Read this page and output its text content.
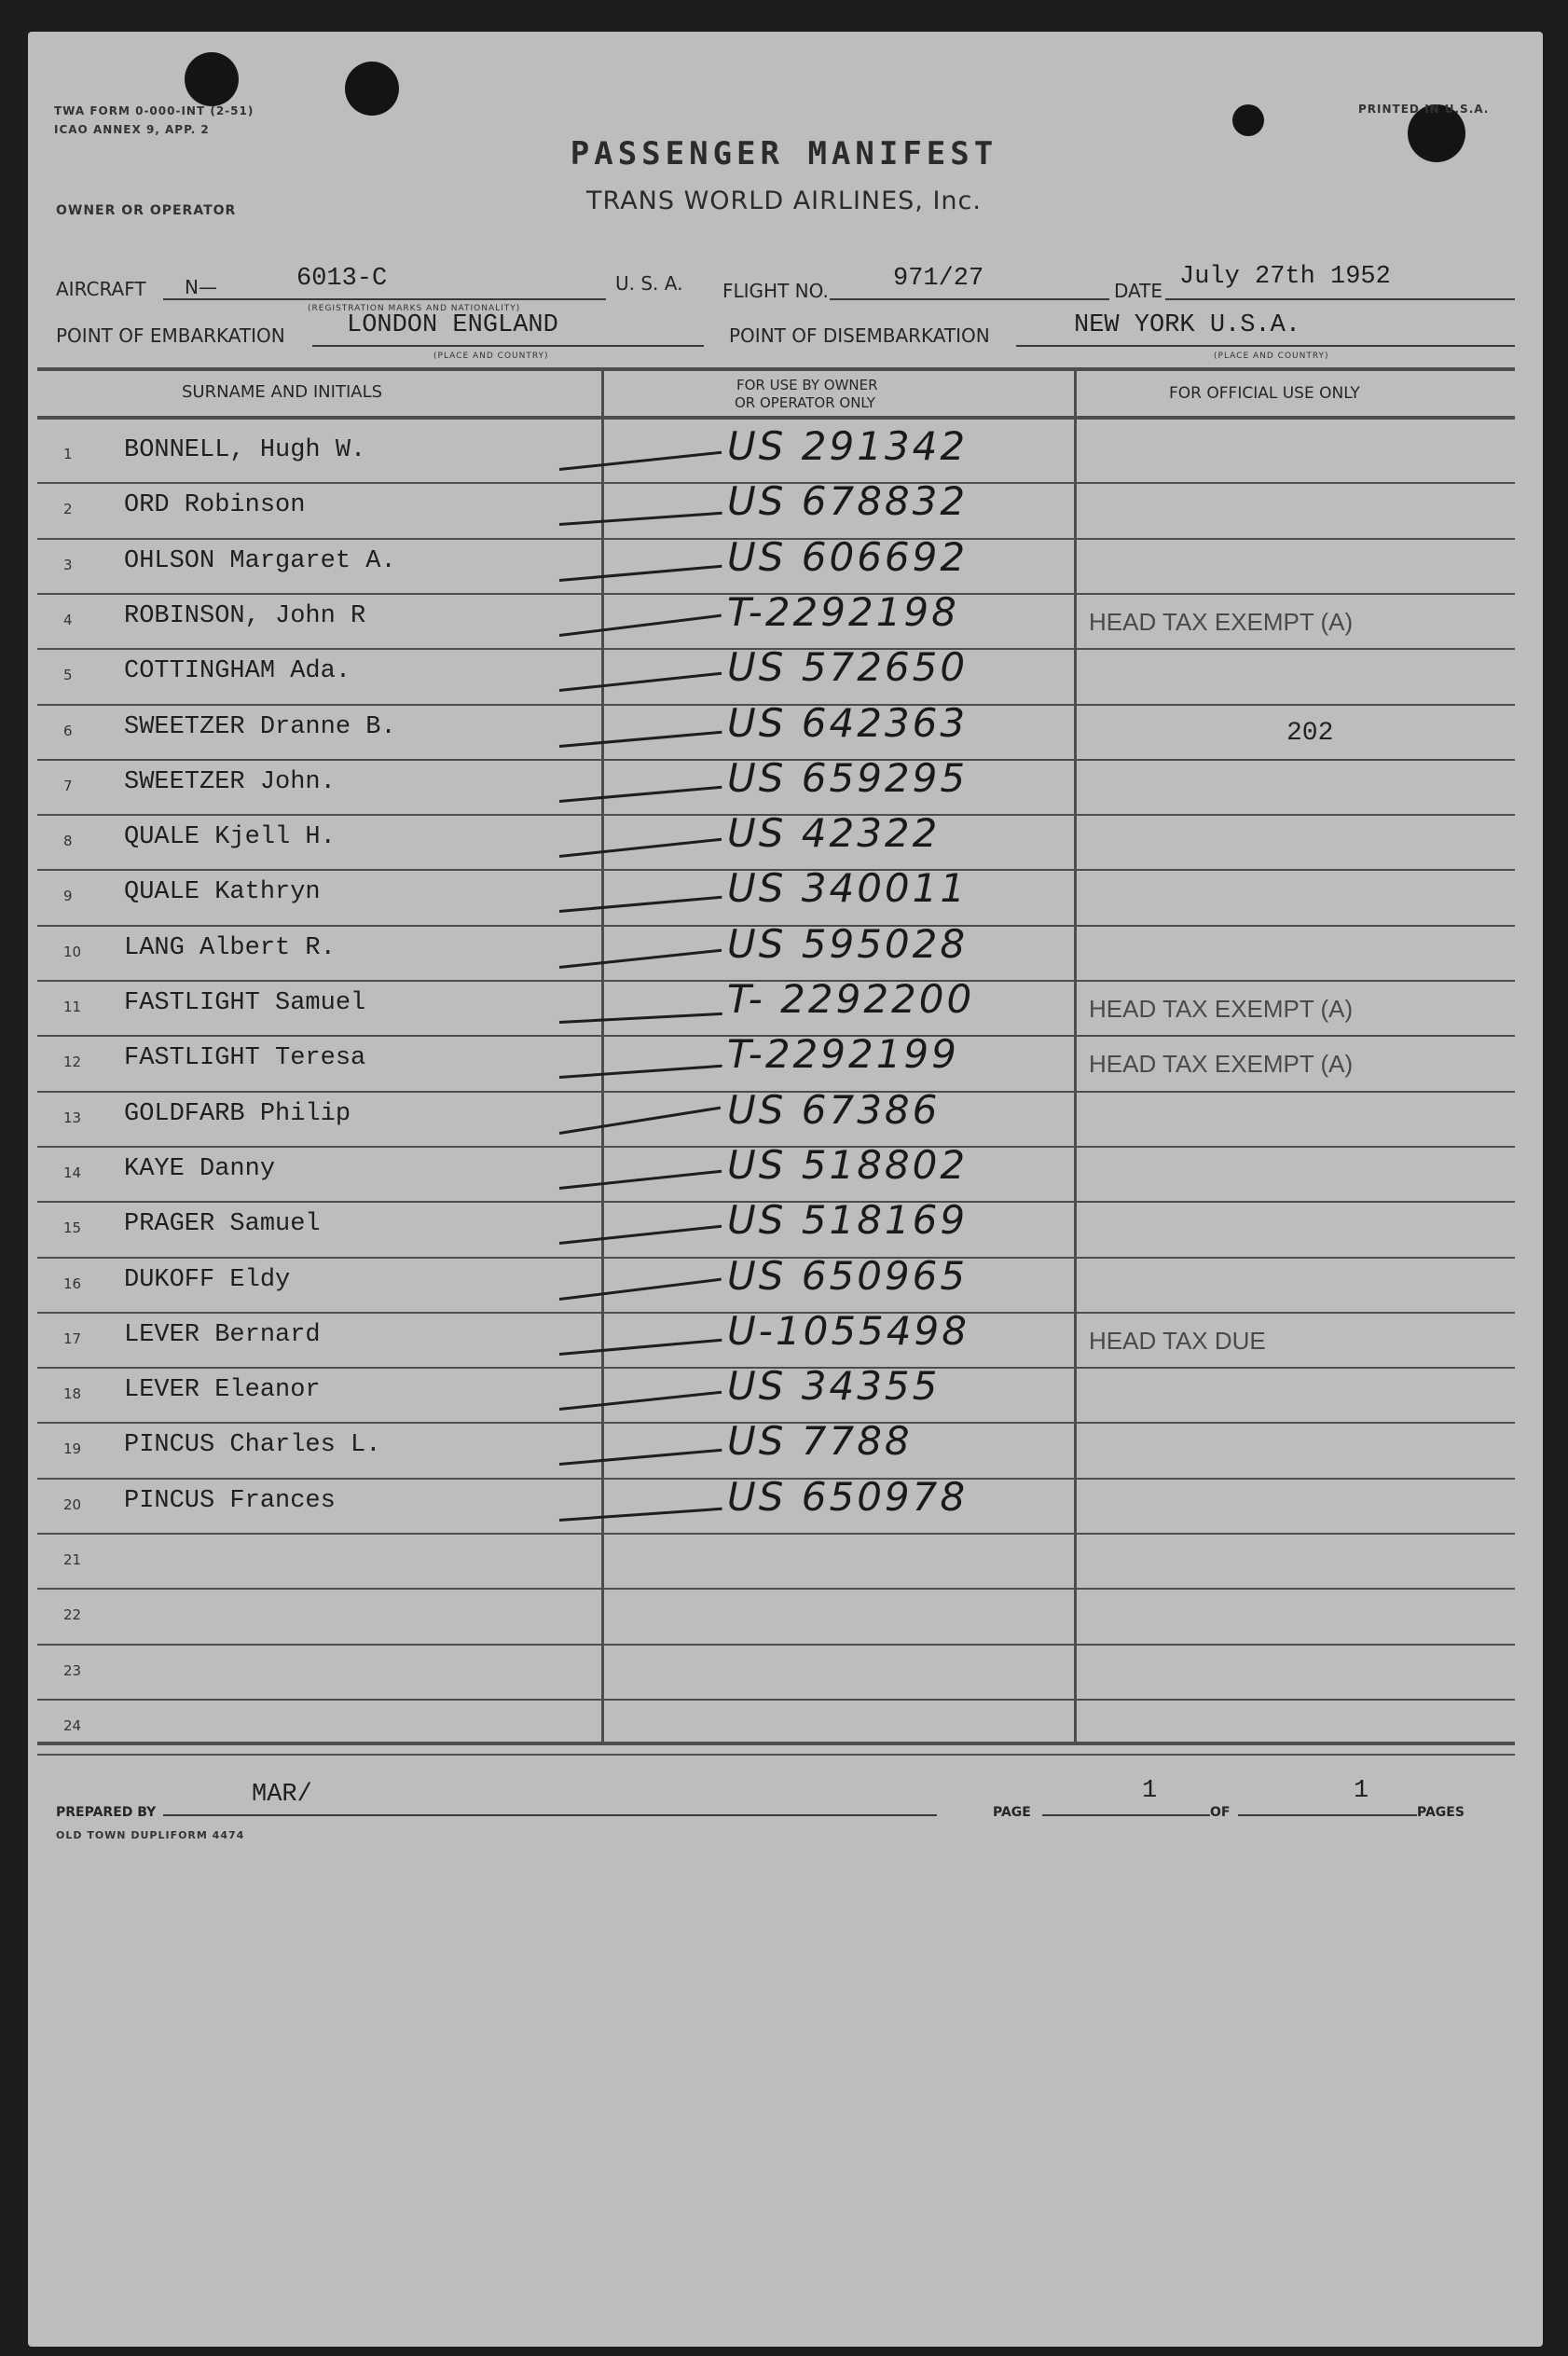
TWA FORM 0-000-INT (2-51)
ICAO ANNEX 9, APP. 2
PRINTED IN U.S.A.
OWNER OR OPERATOR
PASSENGER MANIFEST
TRANS WORLD AIRLINES, Inc.
AIRCRAFT N—	6013-C
(REGISTRATION MARKS AND NATIONALITY)
U. S. A. FLIGHT NO.	971/27	DATE July 27th 1952
POINT OF EMBARKATION LONDON ENGLAND
(PLACE AND COUNTRY)
POINT OF DISEMBARKATION	NEW YORK U.S.A.
(PLACE AND COUNTRY)
SURNAME AND INITIALS	FOR USE BY OWNER
OR OPERATOR ONLY	FOR OFFICIAL USE ONLY
1 BONNELL, Hugh W.	US 291342
2 ORD Robinson	US 678832
3 OHLSON Margaret A.	US 606692
4 ROBINSON, John R	T-2292198	HEAD TAX EXEMPT (A)
5 COTTINGHAM Ada.	US 572650
6 SWEETZER Dranne B.	US 642363	202
7 SWEETZER John.	US 659295
8 QUALE Kjell H.	US 42322
9 QUALE Kathryn	US 340011
10 LANG Albert R.	US 595028
11 FASTLIGHT Samuel	T- 2292200	HEAD TAX EXEMPT (A)
12 FASTLIGHT Teresa	T-2292199	HEAD TAX EXEMPT (A)
13 GOLDFARB Philip	US 67386
14 KAYE Danny	US 518802
15 PRAGER Samuel	US 518169
16 DUKOFF Eldy	US 650965
17 LEVER Bernard	U-1055498	HEAD TAX DUE
18 LEVER Eleanor	US 34355
19 PINCUS Charles L.	US 7788
20 PINCUS Frances	US 650978
21
22
23
24
PREPARED BY
MAR/
OLD TOWN DUPLIFORM 4474
PAGE
1
OF
1
PAGES
